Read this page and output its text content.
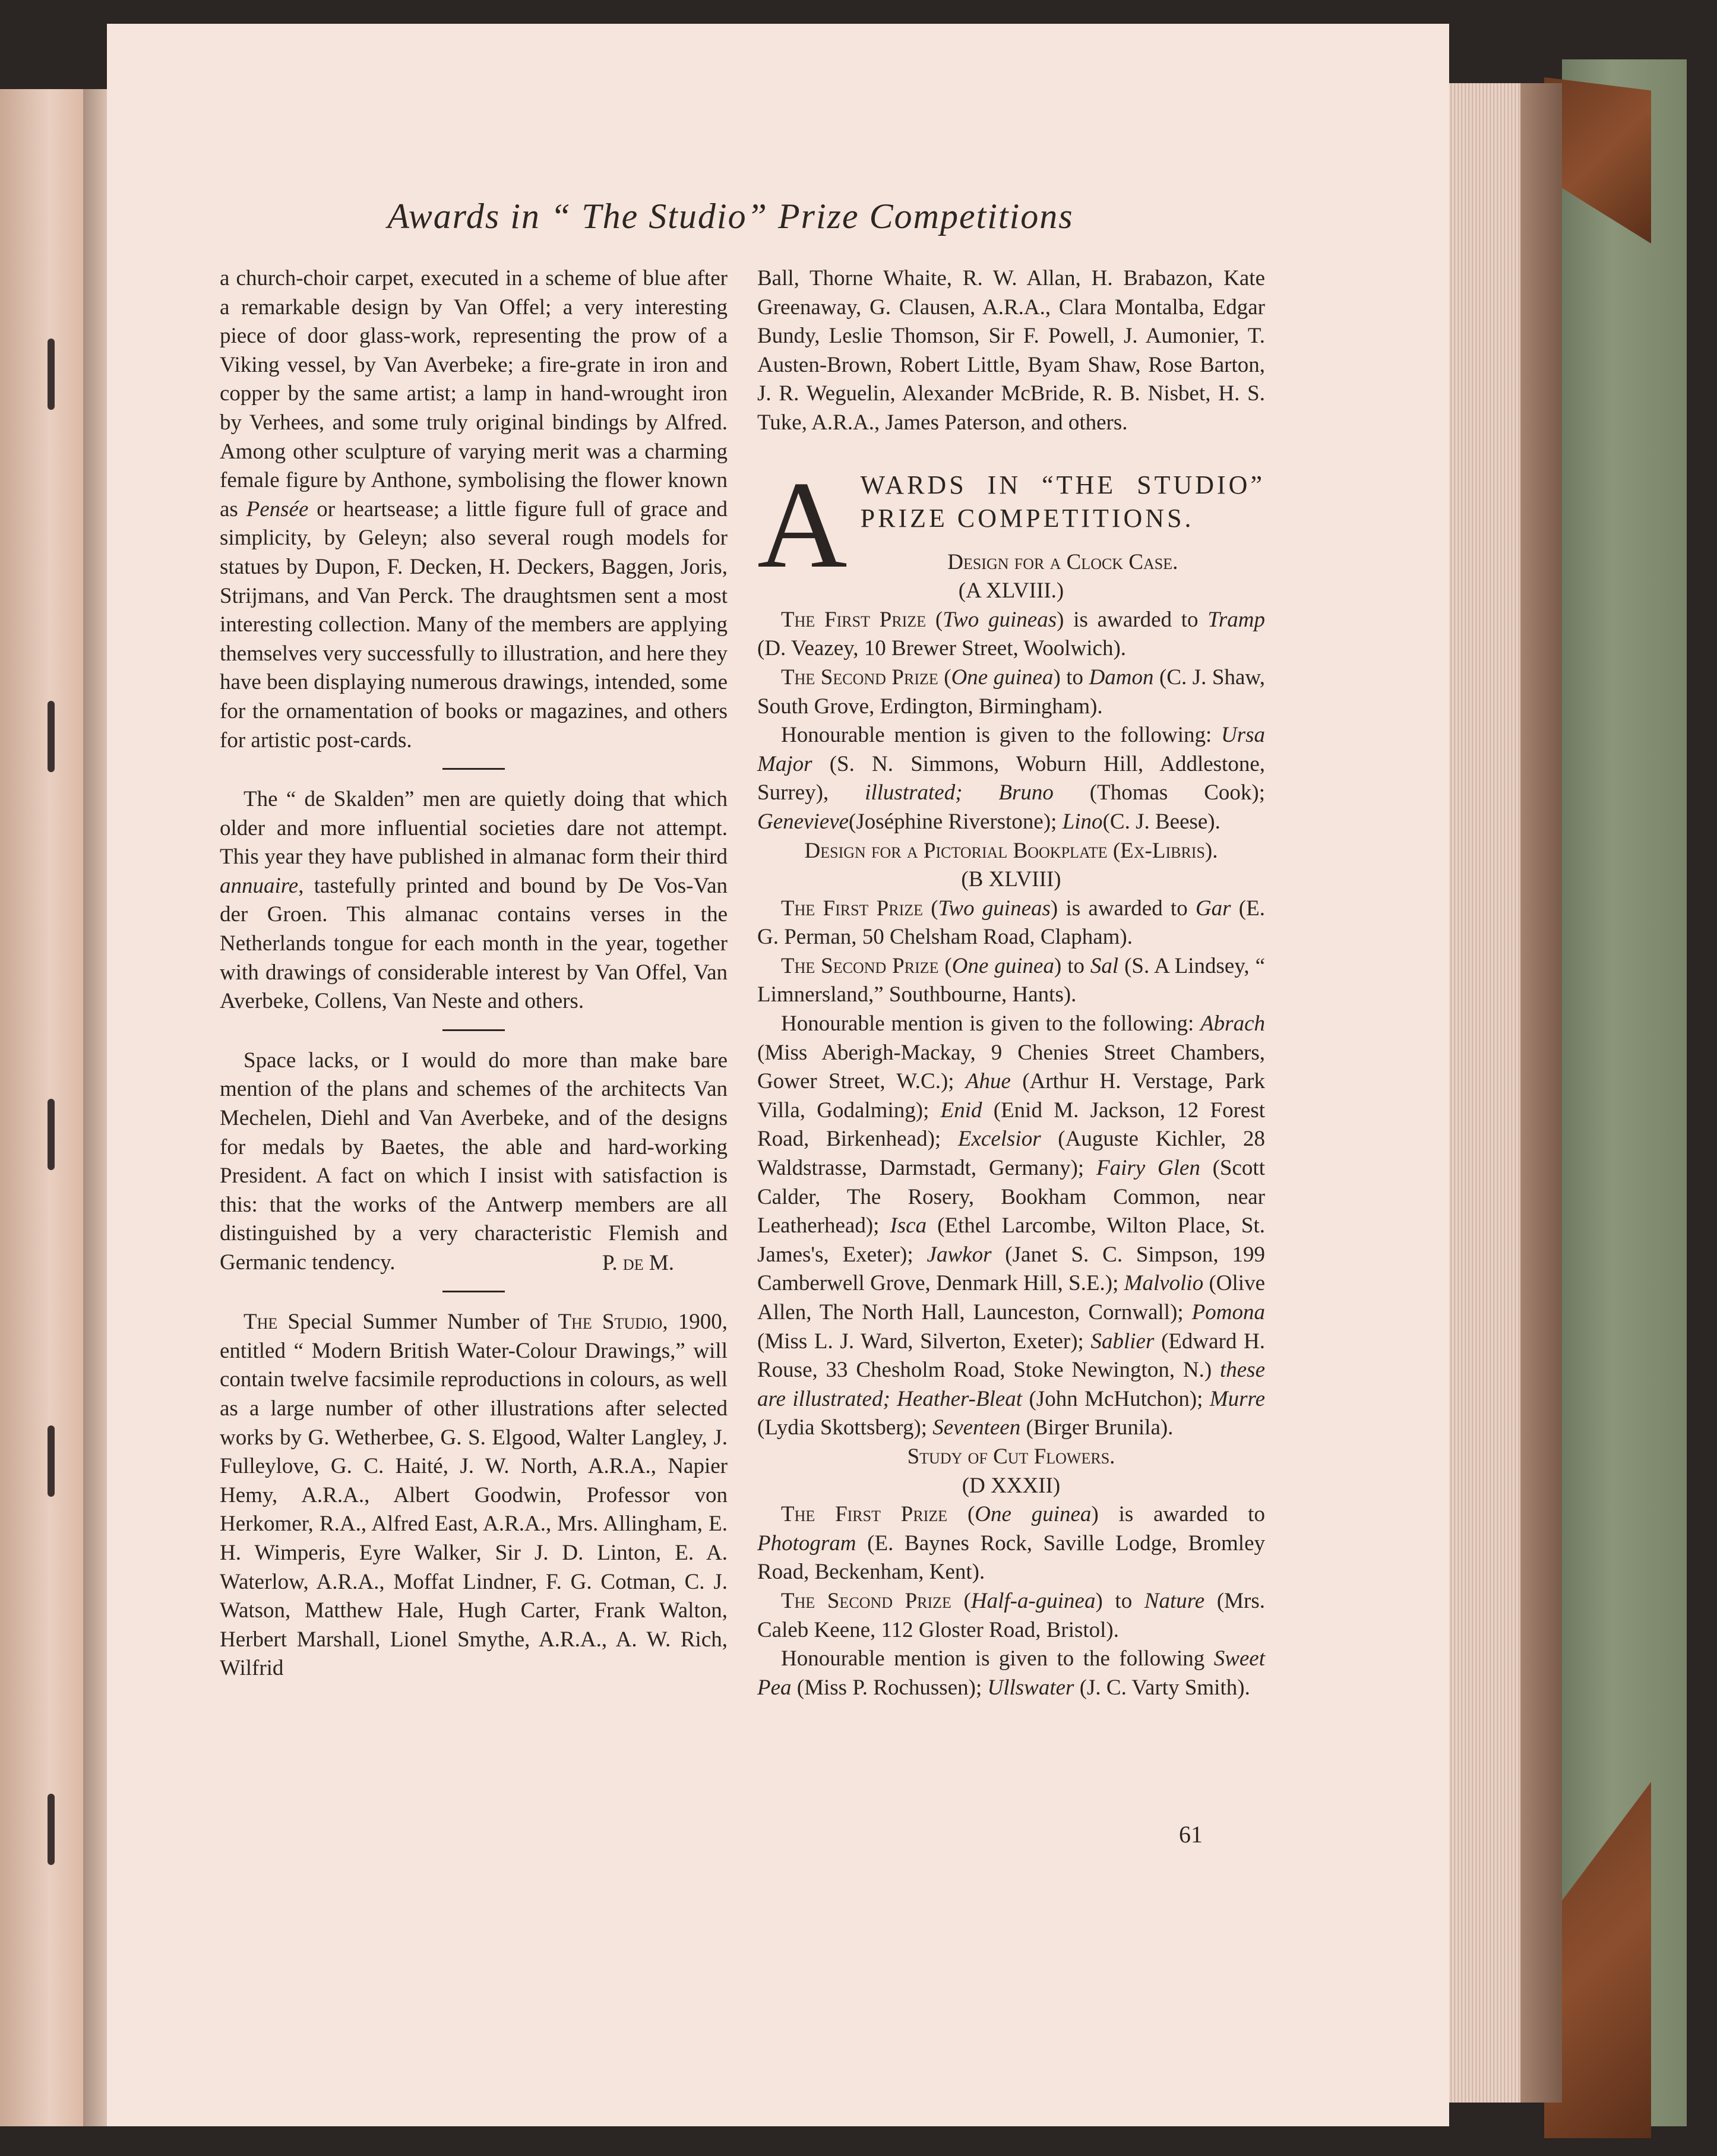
Awards in “ The Studio” Prize Competitions

a church-choir carpet, executed in a scheme of blue after a remarkable design by Van Offel; a very interesting piece of door glass-work, representing the prow of a Viking vessel, by Van Averbeke; a fire-grate in iron and copper by the same artist; a lamp in hand-wrought iron by Verhees, and some truly original bindings by Alfred. Among other sculpture of varying merit was a charming female figure by Anthone, symbolising the flower known as Pensée or heartsease; a little figure full of grace and simplicity, by Geleyn; also several rough models for statues by Dupon, F. Decken, H. Deckers, Baggen, Joris, Strijmans, and Van Perck. The draughtsmen sent a most interesting collection. Many of the members are applying themselves very successfully to illustration, and here they have been displaying numerous drawings, intended, some for the ornamentation of books or magazines, and others for artistic post-cards.

The “ de Skalden” men are quietly doing that which older and more influential societies dare not attempt. This year they have published in almanac form their third annuaire, tastefully printed and bound by De Vos-Van der Groen. This almanac contains verses in the Netherlands tongue for each month in the year, together with drawings of considerable interest by Van Offel, Van Averbeke, Collens, Van Neste and others.

Space lacks, or I would do more than make bare mention of the plans and schemes of the architects Van Mechelen, Diehl and Van Averbeke, and of the designs for medals by Baetes, the able and hard-working President. A fact on which I insist with satisfaction is this: that the works of the Antwerp members are all distinguished by a very characteristic Flemish and Germanic tendency.	P. de M.

The Special Summer Number of The Studio, 1900, entitled “ Modern British Water-Colour Drawings,” will contain twelve facsimile reproductions in colours, as well as a large number of other illustrations after selected works by G. Wetherbee, G. S. Elgood, Walter Langley, J. Fulleylove, G. C. Haité, J. W. North, A.R.A., Napier Hemy, A.R.A., Albert Goodwin, Professor von Herkomer, R.A., Alfred East, A.R.A., Mrs. Allingham, E. H. Wimperis, Eyre Walker, Sir J. D. Linton, E. A. Waterlow, A.R.A., Moffat Lindner, F. G. Cotman, C. J. Watson, Matthew Hale, Hugh Carter, Frank Walton, Herbert Marshall, Lionel Smythe, A.R.A., A. W. Rich, Wilfrid

Ball, Thorne Whaite, R. W. Allan, H. Brabazon, Kate Greenaway, G. Clausen, A.R.A., Clara Montalba, Edgar Bundy, Leslie Thomson, Sir F. Powell, J. Aumonier, T. Austen-Brown, Robert Little, Byam Shaw, Rose Barton, J. R. Weguelin, Alexander McBride, R. B. Nisbet, H. S. Tuke, A.R.A., James Paterson, and others.

A WARDS IN “THE STUDIO” PRIZE COMPETITIONS.
Design for a Clock Case.
(A XLVIII.)

The First Prize (Two guineas) is awarded to Tramp (D. Veazey, 10 Brewer Street, Woolwich).

The Second Prize (One guinea) to Damon (C. J. Shaw, South Grove, Erdington, Birmingham).

Honourable mention is given to the following: Ursa Major (S. N. Simmons, Woburn Hill, Addlestone, Surrey), illustrated; Bruno (Thomas Cook); Genevieve(Joséphine Riverstone); Lino(C. J. Beese).

Design for a Pictorial Bookplate (Ex-Libris).
(B XLVIII)

The First Prize (Two guineas) is awarded to Gar (E. G. Perman, 50 Chelsham Road, Clapham).

The Second Prize (One guinea) to Sal (S. A Lindsey, “ Limnersland,” Southbourne, Hants).

Honourable mention is given to the following: Abrach (Miss Aberigh-Mackay, 9 Chenies Street Chambers, Gower Street, W.C.); Ahue (Arthur H. Verstage, Park Villa, Godalming); Enid (Enid M. Jackson, 12 Forest Road, Birkenhead); Excelsior (Auguste Kichler, 28 Waldstrasse, Darmstadt, Germany); Fairy Glen (Scott Calder, The Rosery, Bookham Common, near Leatherhead); Isca (Ethel Larcombe, Wilton Place, St. James's, Exeter); Jawkor (Janet S. C. Simpson, 199 Camberwell Grove, Denmark Hill, S.E.); Malvolio (Olive Allen, The North Hall, Launceston, Cornwall); Pomona (Miss L. J. Ward, Silverton, Exeter); Sablier (Edward H. Rouse, 33 Chesholm Road, Stoke Newington, N.) these are illustrated; Heather-Bleat (John McHutchon); Murre (Lydia Skottsberg); Seventeen (Birger Brunila).

Study of Cut Flowers.
(D XXXII)

The First Prize (One guinea) is awarded to Photogram (E. Baynes Rock, Saville Lodge, Bromley Road, Beckenham, Kent).

The Second Prize (Half-a-guinea) to Nature (Mrs. Caleb Keene, 112 Gloster Road, Bristol).

Honourable mention is given to the following Sweet Pea (Miss P. Rochussen); Ullswater (J. C. Varty Smith).

61
